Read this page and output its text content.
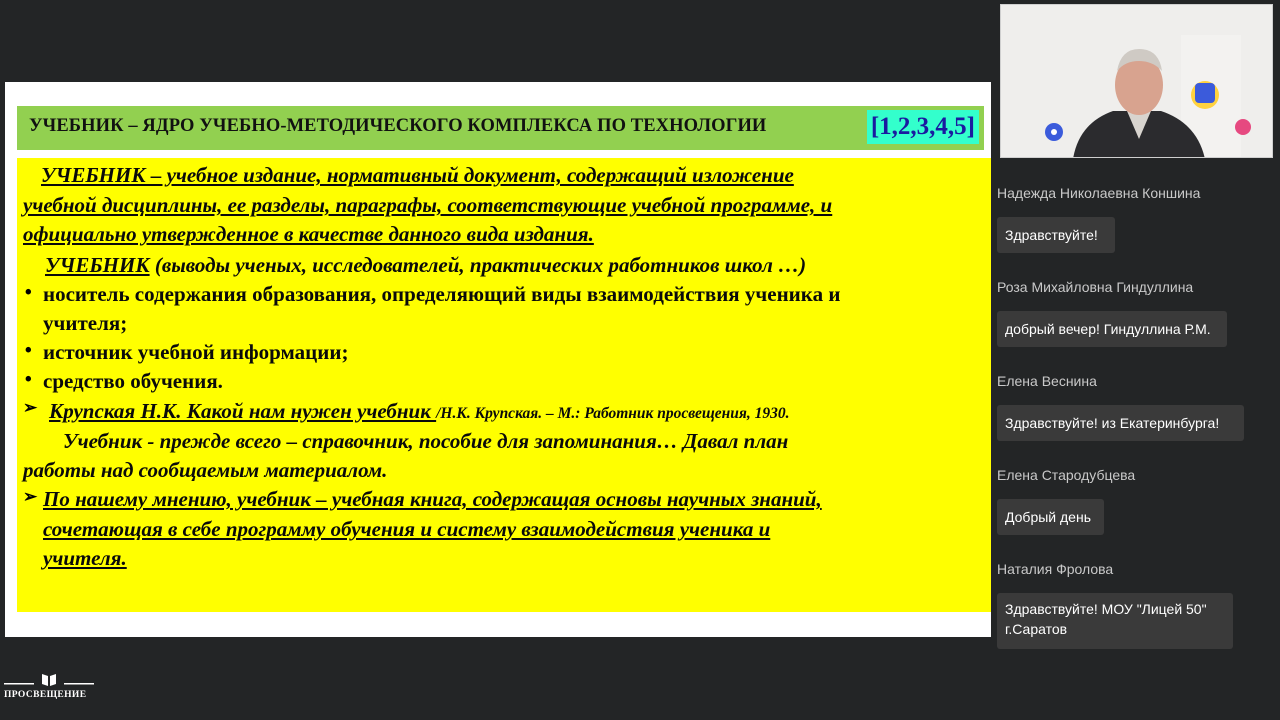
УЧЕБНИК – ЯДРО УЧЕБНО-МЕТОДИЧЕСКОГО КОМПЛЕКСА ПО ТЕХНОЛОГИИ	[1,2,3,4,5]
УЧЕБНИК – учебное издание, нормативный документ, содержащий изложение
учебной дисциплины, ее разделы, параграфы, соответствующие учебной программе, и
официально утвержденное в качестве данного вида издания.
УЧЕБНИК (выводы ученых, исследователей, практических работников школ …)
• носитель содержания образования, определяющий виды взаимодействия ученика и
учителя;
• источник учебной информации;
• средство обучения.
➢ Крупская Н.К. Какой нам нужен учебник /Н.К. Крупская. – М.: Работник просвещения, 1930.
Учебник - прежде всего – справочник, пособие для запоминания… Давал план
работы над сообщаемым материалом.
➢ По нашему мнению, учебник – учебная книга, содержащая основы научных знаний,
сочетающая в себе программу обучения и систему взаимодействия ученика и
учителя.
Надежда Николаевна Коншина
Здравствуйте!
Роза Михайловна Гиндуллина
добрый вечер! Гиндуллина Р.М.
Елена Веснина
Здравствуйте! из Екатеринбурга!
Елена Стародубцева
Добрый день
Наталия Фролова
Здравствуйте! МОУ "Лицей 50" г.Саратов
ПРОСВЕЩЕНИЕ
